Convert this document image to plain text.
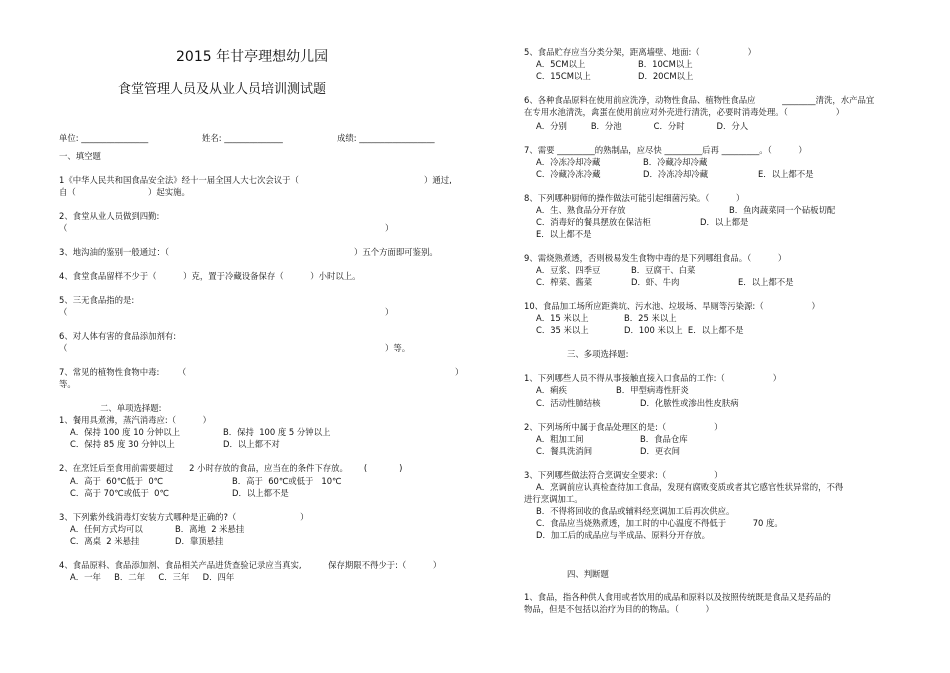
2015 年甘亭理想幼儿园
食堂管理人员及从业人员培训测试题
单位: ________________	姓名: ______________	成绩: __________________
一、填空题
1《中华人民共和国食品安全法》经十一届全国人大七次会议于（	）通过,
自（	）起实施。
2、食堂从业人员做到四勤:
（	）
3、地沟油的鉴别一般通过：（	）五个方面即可鉴别。
4、食堂食品留样不少于（          ）克，置于冷藏设备保存（          ）小时以上。
5、三无食品指的是:
（	）
6、对人体有害的食品添加剂有:
（	）等。
7、常见的植物性食物中毒:       （	）
等。
二、单项选择题:
1、餐用具煮沸，蒸汽消毒应:（          ）
A．保持 100 度 10 分钟以上	B．保持  100 度 5 分钟以上
C．保持 85 度 30 分钟以上	D．以上都不对
2、在烹饪后至食用前需要超过      2 小时存放的食品，应当在的条件下存放。      (            )
A．高于  60℃低于  0℃	B．高于  60℃或低于   10℃
C．高于 70℃或低于  0℃	D．以上都不是
3、下列紫外线消毒灯安装方式哪种是正确的?（                        ）
A．任何方式均可以	B．离地  2 米悬挂
C．离桌  2 米悬挂	D．靠顶悬挂
4、食品原料、食品添加剂、食品相关产品进货查验记录应当真实,          保存期限不得少于:（          ）
A．一年     B．二年     C．三年     D．四年
5、食品贮存应当分类分架，距离墙壁、地面:（                  ）
A．5CM以上	B．10CM以上
C．15CM以上	D．20CM以上
6、各种食品原料在使用前应洗净，动物性食品、植物性食品应          ________清洗，水产品宜
在专用水池清洗，禽蛋在使用前应对外壳进行清洗，必要时消毒处理。（                  ）
A．分别         B．分池            C．分时            D．分人
7、需要 _________的熟制品，应尽快 _________后再 _________。（          ）
A．冷冻冷却冷藏	B．冷藏冷却冷藏
C．冷藏冷冻冷藏	D．冷冻冷却冷藏	E．以上都不是
8、下列哪种厨师的操作做法可能引起细菌污染。（          ）
A．生、熟食品分开存放	B．鱼肉蔬菜同一个砧板切配
C．消毒好的餐具摆放在保洁柜	D．以上都是
E．以上都不是
9、需烧熟煮透，否则极易发生食物中毒的是下列哪组食品。（          ）
A．豆浆、四季豆	B．豆腐干、白菜
C．榨菜、酱菜	D．虾、牛肉	E．以上都不是
10、食品加工场所应距粪坑、污水池、垃圾场、旱厕等污染源:（                  ）
A．15 米以上	B．25 米以上
C．35 米以上	D．100 米以上  E．以上都不是
三、多项选择题:
1、下列哪些人员不得从事接触直接入口食品的工作:（                  ）
A．痢疾	B．甲型病毒性肝炎
C．活动性肺结核	D．化脓性或渗出性皮肤病
2、下列场所中属于食品处理区的是:（                  ）
A．粗加工间	B．食品仓库
C．餐具洗消间	D．更衣间
3、下列哪些做法符合烹调安全要求:（                  ）
A．烹调前应认真检查待加工食品，发现有腐败变质或者其它感官性状异常的，不得
进行烹调加工。
B．不得将回收的食品或辅料经烹调加工后再次供应。
C．食品应当烧熟煮透，加工时的中心温度不得低于          70 度。
D．加工后的成品应与半成品、原料分开存放。
四、判断题
1、食品，指各种供人食用或者饮用的成品和原料以及按照传统既是食品又是药品的
物品，但是不包括以治疗为目的的物品。（          ）
